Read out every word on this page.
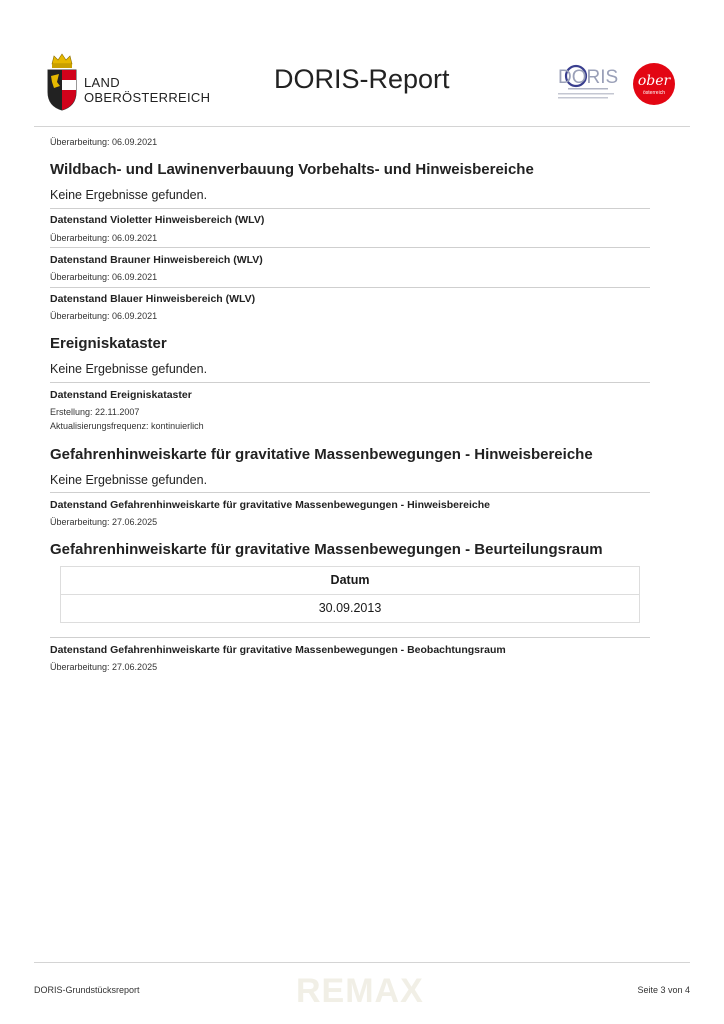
LAND
OBERÖSTERREICH
DORIS-Report	DORIS ober
österreich
Überarbeitung: 06.09.2021
Wildbach- und Lawinenverbauung Vorbehalts- und Hinweisbereiche
Keine Ergebnisse gefunden.
Datenstand Violetter Hinweisbereich (WLV)
Überarbeitung: 06.09.2021
Datenstand Brauner Hinweisbereich (WLV)
Überarbeitung: 06.09.2021
Datenstand Blauer Hinweisbereich (WLV)
Überarbeitung: 06.09.2021
Ereigniskataster
Keine Ergebnisse gefunden.
Datenstand Ereigniskataster
Erstellung: 22.11.2007
Aktualisierungsfrequenz: kontinuierlich
Gefahrenhinweiskarte für gravitative Massenbewegungen - Hinweisbereiche
Keine Ergebnisse gefunden.
Datenstand Gefahrenhinweiskarte für gravitative Massenbewegungen - Hinweisbereiche
Überarbeitung: 27.06.2025
Gefahrenhinweiskarte für gravitative Massenbewegungen - Beurteilungsraum
Datum
30.09.2013
Datenstand Gefahrenhinweiskarte für gravitative Massenbewegungen - Beobachtungsraum
Überarbeitung: 27.06.2025
REMAX
DORIS-Grundstücksreport	Seite 3 von 4
